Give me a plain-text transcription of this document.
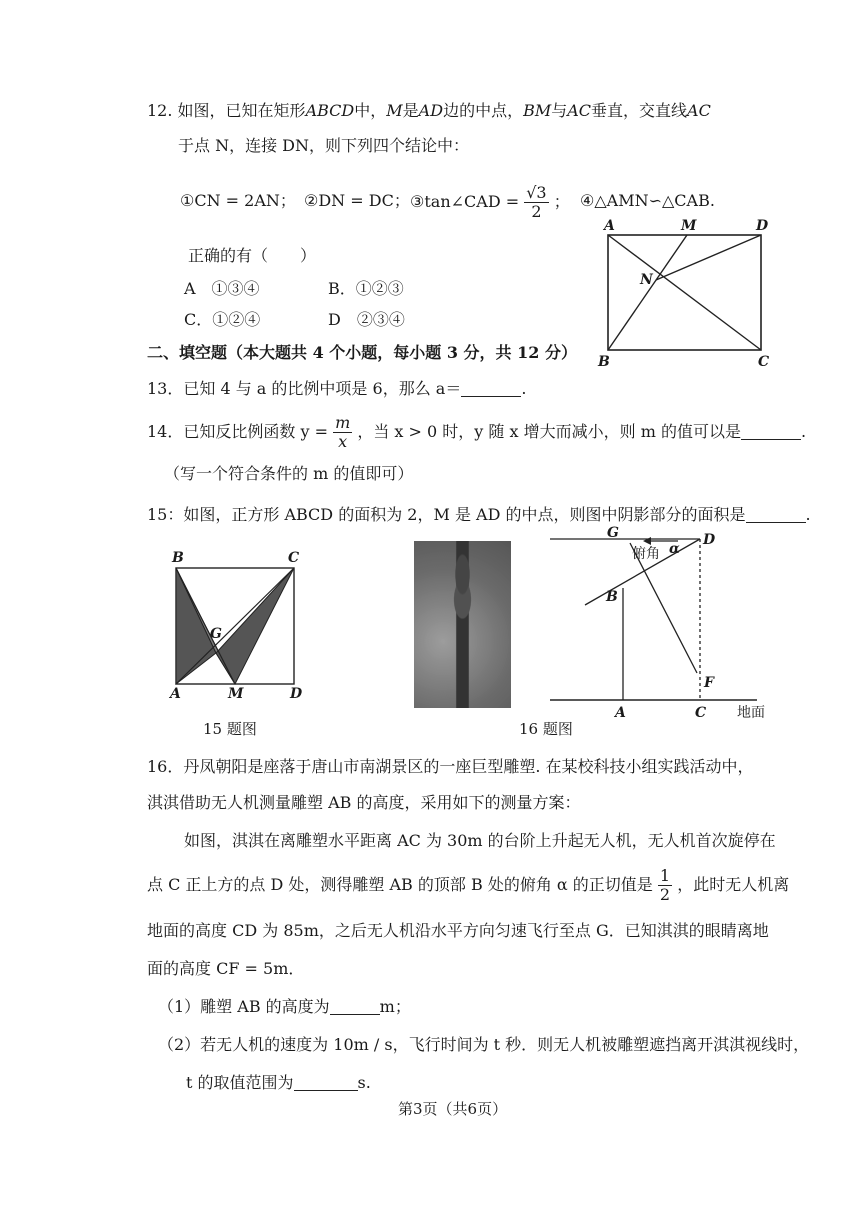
12. 如图，已知在矩形ABCD中，M是AD边的中点，BM与AC垂直，交直线AC
于点 N，连接 DN，则下列四个结论中：
①CN = 2AN； ②DN = DC； ③tan∠CAD = $\frac{√3}{2}$ ； ④△AMN∽△CAB.
正确的有（　　）
A　①③④	B．①②③
C．①②④	D　②③④
A	M	D
B	C
N
二、填空题（本大题共 4 个小题，每小题 3 分，共 12 分）
13．已知 4 与 a 的比例中项是 6，那么 a＝	.
14．已知反比例函数 $y = \frac{m}{x}$ ，当 x > 0 时，y 随 x 增大而减小，则 m 的值可以是	.
（写一个符合条件的 m 的值即可）
15：如图，正方形 ABCD 的面积为 2，M 是 AD 的中点，则图中阴影部分的面积是	.
B	C
A	D
G
M
15 题图
G	D
B
F
A	C
俯角 α
地面
16 题图
16．丹凤朝阳是座落于唐山市南湖景区的一座巨型雕塑. 在某校科技小组实践活动中，
淇淇借助无人机测量雕塑 AB 的高度，采用如下的测量方案：
如图，淇淇在离雕塑水平距离 AC 为 30m 的台阶上升起无人机，无人机首次旋停在
点 C 正上方的点 D 处，测得雕塑 AB 的顶部 B 处的俯角 α 的正切值是 $\frac{1}{2}$ ，此时无人机离
地面的高度 CD 为 85m，之后无人机沿水平方向匀速飞行至点 G．已知淇淇的眼睛离地
面的高度 CF = 5m．
（1）雕塑 AB 的高度为	m；
（2）若无人机的速度为 10m / s，飞行时间为 t 秒．则无人机被雕塑遮挡离开淇淇视线时，
t 的取值范围为	s.
第3页（共6页）
